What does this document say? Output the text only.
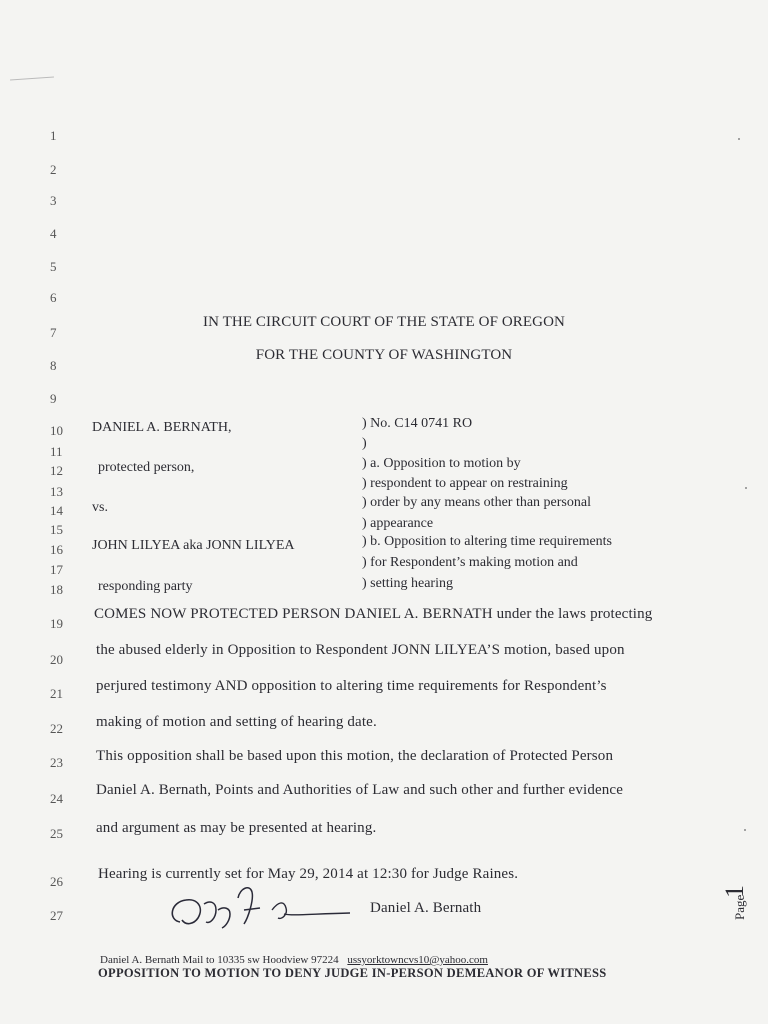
1
2
3
4
5
6
7
8
9
10
11
12
13
14
15
16
17
18
19
20
21
22
23
24
25
26
27
IN THE CIRCUIT COURT OF THE STATE OF OREGON
FOR THE COUNTY OF WASHINGTON
DANIEL A. BERNATH,
protected person,
vs.
JOHN LILYEA aka JONN LILYEA
responding party
) No. C14 0741 RO
)
) a. Opposition to motion by
) respondent to appear on restraining
) order by any means other than personal
) appearance
) b. Opposition to altering time requirements
) for Respondent’s making motion and
) setting hearing
COMES NOW PROTECTED PERSON DANIEL A. BERNATH under the laws protecting
the abused elderly in Opposition to Respondent JONN LILYEA’S motion, based upon
perjured testimony AND opposition to altering time requirements for Respondent’s
making of motion and setting of hearing date.
This opposition shall be based upon this motion, the declaration of Protected Person
Daniel A. Bernath, Points and Authorities of Law and such other and further evidence
and argument as may be presented at hearing.
Hearing is currently set for May 29, 2014 at 12:30 for Judge Raines.
Daniel A. Bernath
Daniel A. Bernath Mail to 10335 sw Hoodview 97224 ussyorktowncvs10@yahoo.com
OPPOSITION TO MOTION TO DENY JUDGE IN-PERSON DEMEANOR OF WITNESS
Page
1
